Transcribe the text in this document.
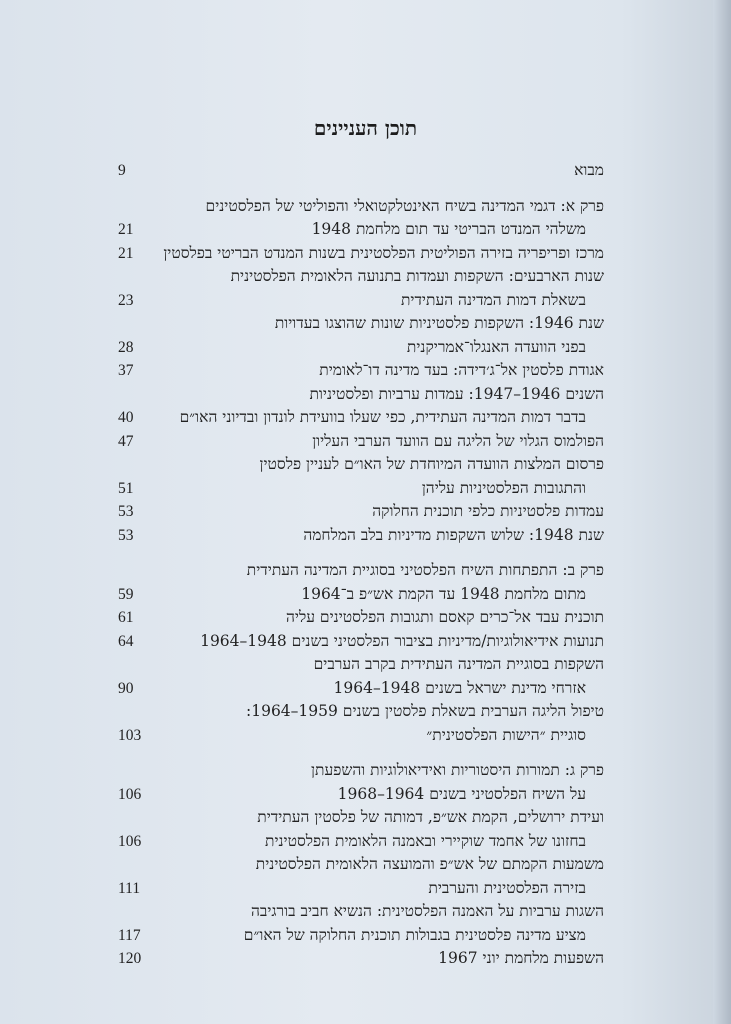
תוכן העניינים
מבוא
9
פרק א: דגמי המדינה בשיח האינטלקטואלי והפוליטי של הפלסטינים
משלהי המנדט הבריטי עד תום מלחמת 1948
21
מרכז ופריפריה בזירה הפוליטית הפלסטינית בשנות המנדט הבריטי בפלסטין
21
שנות הארבעים: השקפות ועמדות בתנועה הלאומית הפלסטינית
בשאלת דמות המדינה העתידית
23
שנת 1946: השקפות פלסטיניות שונות שהוצגו בעדויות
בפני הוועדה האנגלו־אמריקנית
28
אגודת פלסטין אל־ג׳דידה: בעד מדינה דו־לאומית
37
השנים 1946–1947: עמדות ערביות ופלסטיניות
בדבר דמות המדינה העתידית, כפי שעלו בוועידת לונדון ובדיוני האו״ם
40
הפולמוס הגלוי של הליגה עם הוועד הערבי העליון
47
פרסום המלצות הוועדה המיוחדת של האו״ם לעניין פלסטין
והתגובות הפלסטיניות עליהן
51
עמדות פלסטיניות כלפי תוכנית החלוקה
53
שנת 1948: שלוש השקפות מדיניות בלב המלחמה
53
פרק ב: התפתחות השיח הפלסטיני בסוגיית המדינה העתידית
מתום מלחמת 1948 עד הקמת אש״פ ב־1964
59
תוכנית עבד אל־כרים קאסם ותגובות הפלסטינים עליה
61
תנועות אידיאולוגיות/מדיניות בציבור הפלסטיני בשנים 1948–1964
64
השקפות בסוגיית המדינה העתידית בקרב הערבים
אזרחי מדינת ישראל בשנים 1948–1964
90
טיפול הליגה הערבית בשאלת פלסטין בשנים 1959–1964:
סוגיית ״הישות הפלסטינית״
103
פרק ג: תמורות היסטוריות ואידיאולוגיות והשפעתן
על השיח הפלסטיני בשנים 1964–1968
106
ועידת ירושלים, הקמת אש״פ, דמותה של פלסטין העתידית
בחזונו של אחמד שוקיירי ובאמנה הלאומית הפלסטינית
106
משמעות הקמתם של אש״פ והמועצה הלאומית הפלסטינית
בזירה הפלסטינית והערבית
111
השגות ערביות על האמנה הפלסטינית: הנשיא חביב בורגיבה
מציע מדינה פלסטינית בגבולות תוכנית החלוקה של האו״ם
117
השפעות מלחמת יוני 1967
120
